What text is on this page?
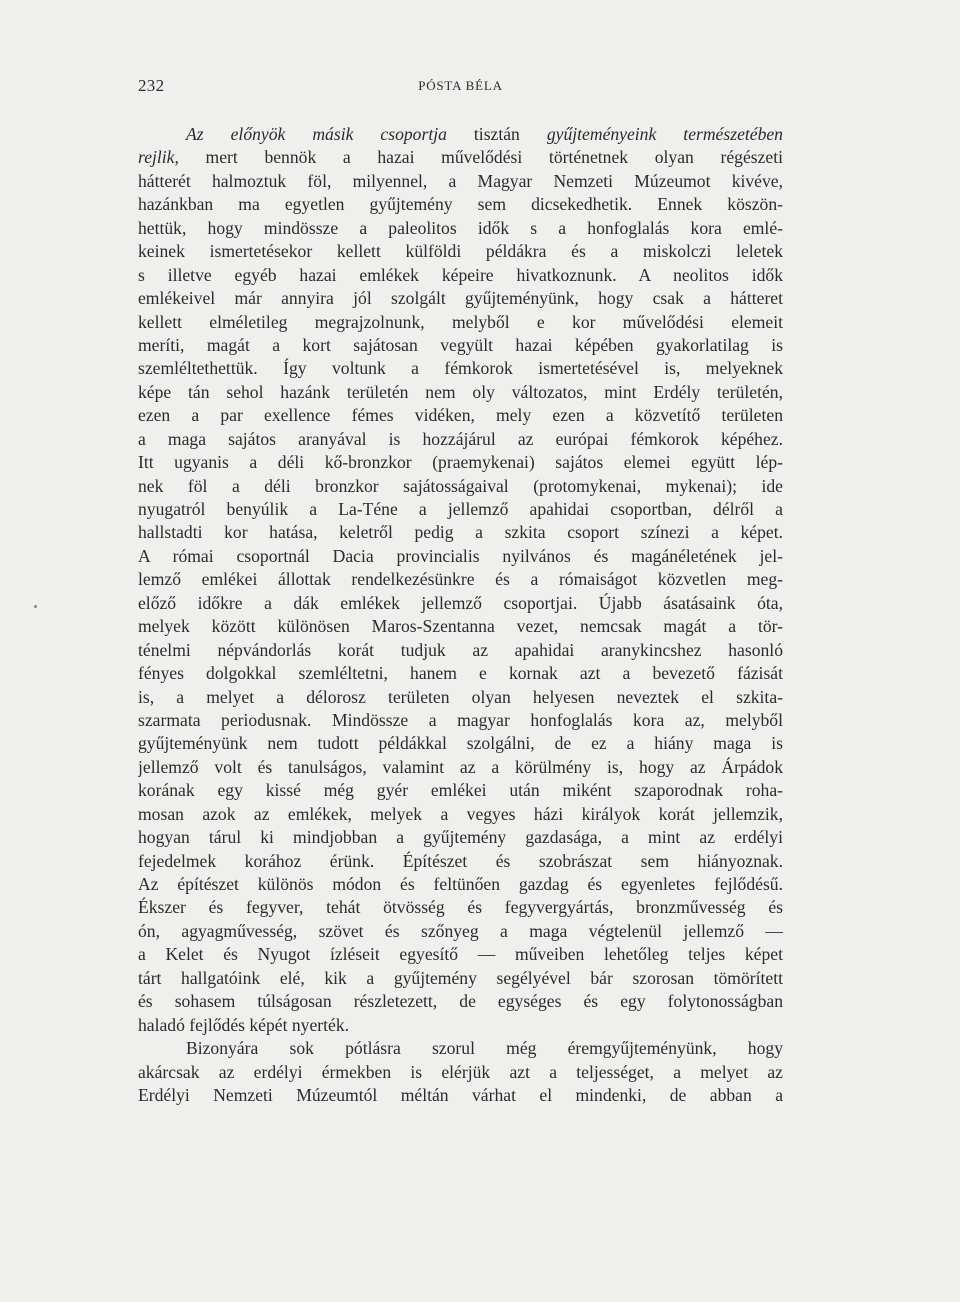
232	PÓSTA BÉLA
Az előnyök másik csoportja tisztán gyűjteményeink természetében
rejlik, mert bennök a hazai művelődési történetnek olyan régészeti
hátterét halmoztuk föl, milyennel, a Magyar Nemzeti Múzeumot kivéve,
hazánkban ma egyetlen gyűjtemény sem dicsekedhetik. Ennek köszön-
hettük, hogy mindössze a paleolitos idők s a honfoglalás kora emlé-
keinek ismertetésekor kellett külföldi példákra és a miskolczi leletek
s illetve egyéb hazai emlékek képeire hivatkoznunk. A neolitos idők
emlékeivel már annyira jól szolgált gyűjteményünk, hogy csak a hátteret
kellett elméletileg megrajzolnunk, melyből e kor művelődési elemeit
meríti, magát a kort sajátosan vegyült hazai képében gyakorlatilag is
szemléltethettük. Így voltunk a fémkorok ismertetésével is, melyeknek
képe tán sehol hazánk területén nem oly változatos, mint Erdély területén,
ezen a par exellence fémes vidéken, mely ezen a közvetítő területen
a maga sajátos aranyával is hozzájárul az európai fémkorok képéhez.
Itt ugyanis a déli kő-bronzkor (praemykenai) sajátos elemei együtt lép-
nek föl a déli bronzkor sajátosságaival (protomykenai, mykenai); ide
nyugatról benyúlik a La-Téne a jellemző apahidai csoportban, délről a
hallstadti kor hatása, keletről pedig a szkita csoport színezi a képet.
A római csoportnál Dacia provincialis nyilvános és magánéletének jel-
lemző emlékei állottak rendelkezésünkre és a rómaiságot közvetlen meg-
előző időkre a dák emlékek jellemző csoportjai. Újabb ásatásaink óta,
melyek között különösen Maros-Szentanna vezet, nemcsak magát a tör-
ténelmi népvándorlás korát tudjuk az apahidai aranykincshez hasonló
fényes dolgokkal szemléltetni, hanem e kornak azt a bevezető fázisát
is, a melyet a délorosz területen olyan helyesen neveztek el szkita-
szarmata periodusnak. Mindössze a magyar honfoglalás kora az, melyből
gyűjteményünk nem tudott példákkal szolgálni, de ez a hiány maga is
jellemző volt és tanulságos, valamint az a körülmény is, hogy az Árpádok
korának egy kissé még gyér emlékei után miként szaporodnak roha-
mosan azok az emlékek, melyek a vegyes házi királyok korát jellemzik,
hogyan tárul ki mindjobban a gyűjtemény gazdasága, a mint az erdélyi
fejedelmek korához érünk. Építészet és szobrászat sem hiányoznak.
Az építészet különös módon és feltünően gazdag és egyenletes fejlődésű.
Ékszer és fegyver, tehát ötvösség és fegyvergyártás, bronzművesség és
ón, agyagművesség, szövet és szőnyeg a maga végtelenül jellemző —
a Kelet és Nyugot ízléseit egyesítő — műveiben lehetőleg teljes képet
tárt hallgatóink elé, kik a gyűjtemény segélyével bár szorosan tömörített
és sohasem túlságosan részletezett, de egységes és egy folytonosságban
haladó fejlődés képét nyerték.
Bizonyára sok pótlásra szorul még éremgyűjteményünk, hogy
akárcsak az erdélyi érmekben is elérjük azt a teljességet, a melyet az
Erdélyi Nemzeti Múzeumtól méltán várhat el mindenki, de abban a
